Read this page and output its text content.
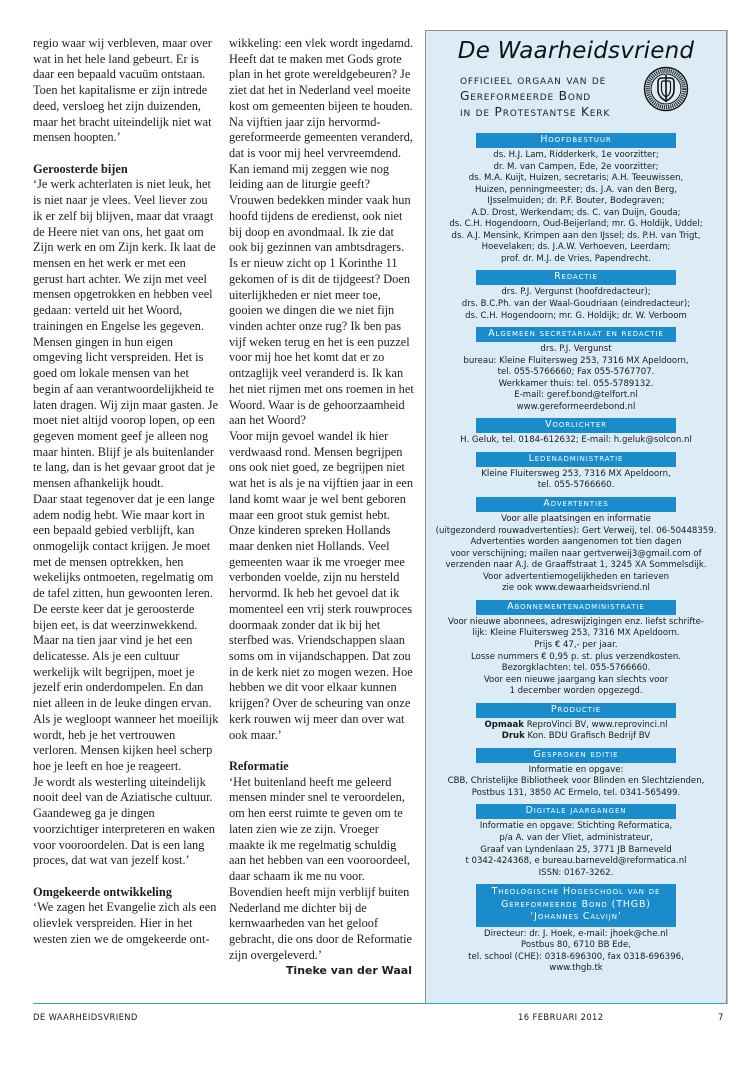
regio waar wij verbleven, maar over wat in het hele land gebeurt. Er is daar een bepaald vacuüm ontstaan. Toen het kapitalisme er zijn intrede deed, versloeg het zijn duizenden, maar het bracht uiteindelijk niet wat mensen hoopten.’

Geroosterde bijen

‘Je werk achterlaten is niet leuk, het is niet naar je vlees. Veel liever zou ik er zelf bij blijven, maar dat vraagt de Heere niet van ons, het gaat om Zijn werk en om Zijn kerk. Ik laat de mensen en het werk er met een gerust hart achter. We zijn met veel mensen opgetrokken en hebben veel gedaan: verteld uit het Woord, trainingen en Engelse les gegeven. Mensen gingen in hun eigen omgeving licht verspreiden. Het is goed om lokale mensen van het begin af aan verantwoordelijkheid te laten dragen. Wij zijn maar gasten. Je moet niet altijd voorop lopen, op een gegeven moment geef je alleen nog maar hinten. Blijf je als buitenlander te lang, dan is het gevaar groot dat je mensen afhankelijk houdt.

Daar staat tegenover dat je een lange adem nodig hebt. Wie maar kort in een bepaald gebied verblijft, kan onmogelijk contact krijgen. Je moet met de mensen optrekken, hen wekelijks ontmoeten, regelmatig om de tafel zitten, hun gewoonten leren. De eerste keer dat je geroosterde bijen eet, is dat weerzinwekkend. Maar na tien jaar vind je het een delicatesse. Als je een cultuur werkelijk wilt begrijpen, moet je jezelf erin onderdompelen. En dan niet alleen in de leuke dingen ervan. Als je wegloopt wanneer het moeilijk wordt, heb je het vertrouwen verloren. Mensen kijken heel scherp hoe je leeft en hoe je reageert.

Je wordt als westerling uiteindelijk nooit deel van de Aziatische cultuur. Gaandeweg ga je dingen voorzichtiger interpreteren en waken voor vooroordelen. Dat is een lang proces, dat wat van jezelf kost.’

Omgekeerde ontwikkeling

‘We zagen het Evangelie zich als een olievlek verspreiden. Hier in het westen zien we de omgekeerde ont-

wikkeling: een vlek wordt ingedamd. Heeft dat te maken met Gods grote plan in het grote wereldgebeuren? Je ziet dat het in Nederland veel moeite kost om gemeenten bijeen te houden. Na vijftien jaar zijn hervormd-gereformeerde gemeenten veranderd, dat is voor mij heel vervreemdend. Kan iemand mij zeggen wie nog leiding aan de liturgie geeft? Vrouwen bedekken minder vaak hun hoofd tijdens de eredienst, ook niet bij doop en avondmaal. Ik zie dat ook bij gezinnen van ambtsdragers. Is er nieuw zicht op 1 Korinthe 11 gekomen of is dit de tijdgeest? Doen uiterlijkheden er niet meer toe, gooien we dingen die we niet fijn vinden achter onze rug? Ik ben pas vijf weken terug en het is een puzzel voor mij hoe het komt dat er zo ontzaglijk veel veranderd is. Ik kan het niet rijmen met ons roemen in het Woord. Waar is de gehoorzaamheid aan het Woord?

Voor mijn gevoel wandel ik hier verdwaasd rond. Mensen begrijpen ons ook niet goed, ze begrijpen niet wat het is als je na vijftien jaar in een land komt waar je wel bent geboren maar een groot stuk gemist hebt. Onze kinderen spreken Hollands maar denken niet Hollands. Veel gemeenten waar ik me vroeger mee verbonden voelde, zijn nu hersteld hervormd. Ik heb het gevoel dat ik momenteel een vrij sterk rouwproces doormaak zonder dat ik bij het sterfbed was. Vriendschappen slaan soms om in vijandschappen. Dat zou in de kerk niet zo mogen wezen. Hoe hebben we dit voor elkaar kunnen krijgen? Over de scheuring van onze kerk rouwen wij meer dan over wat ook maar.’

Reformatie

‘Het buitenland heeft me geleerd mensen minder snel te veroordelen, om hen eerst ruimte te geven om te laten zien wie ze zijn. Vroeger maakte ik me regelmatig schuldig aan het hebben van een vooroordeel, daar schaam ik me nu voor. Bovendien heeft mijn verblijf buiten Nederland me dichter bij de kernwaarheden van het geloof gebracht, die ons door de Reformatie zijn overgeleverd.’

Tineke van der Waal
De Waarheidsvriend
officieel orgaan van de
Gereformeerde Bond
in de Protestantse Kerk
Hoofdbestuur
ds. H.J. Lam, Ridderkerk, 1e voorzitter;
dr. M. van Campen, Ede, 2e voorzitter;
ds. M.A. Kuijt, Huizen, secretaris; A.H. Teeuwissen,
Huizen, penningmeester; ds. J.A. van den Berg,
IJsselmuiden; dr. P.F. Bouter, Bodegraven;
A.D. Drost, Werkendam; ds. C. van Duijn, Gouda;
ds. C.H. Hogendoorn, Oud-Beijerland; mr. G. Holdijk, Uddel;
ds. A.J. Mensink, Krimpen aan den IJssel; ds. P.H. van Trigt,
Hoevelaken; ds. J.A.W. Verhoeven, Leerdam;
prof. dr. M.J. de Vries, Papendrecht.
Redactie
drs. P.J. Vergunst (hoofdredacteur);
drs. B.C.Ph. van der Waal-Goudriaan (eindredacteur);
ds. C.H. Hogendoorn; mr. G. Holdijk; dr. W. Verboom
Algemeen secretariaat en redactie
drs. P.J. Vergunst
bureau: Kleine Fluitersweg 253, 7316 MX Apeldoorn,
tel. 055-5766660; Fax 055-5767707.
Werkkamer thuis: tel. 055-5789132.
E-mail: geref.bond@telfort.nl
www.gereformeerdebond.nl
Voorlichter
H. Geluk, tel. 0184-612632; E-mail: h.geluk@solcon.nl
Ledenadministratie
Kleine Fluitersweg 253, 7316 MX Apeldoorn,
tel. 055-5766660.
Advertenties
Voor alle plaatsingen en informatie
(uitgezonderd rouwadvertenties): Gert Verweij, tel. 06-50448359.
Advertenties worden aangenomen tot tien dagen
voor verschijning; mailen naar gertverweij3@gmail.com of
verzenden naar A.J. de Graaffstraat 1, 3245 XA Sommelsdijk.
Voor advertentiemogelijkheden en tarieven
zie ook www.dewaarheidsvriend.nl
Abonnementenadministratie
Voor nieuwe abonnees, adreswijzigingen enz. liefst schrifte-
lijk: Kleine Fluitersweg 253, 7316 MX Apeldoorn.
Prijs € 47,- per jaar.
Losse nummers € 0,95 p. st. plus verzendkosten.
Bezorgklachten: tel. 055-5766660.
Voor een nieuwe jaargang kan slechts voor
1 december worden opgezegd.
Productie
Opmaak ReproVinci BV, www.reprovinci.nl
Druk Kon. BDU Grafisch Bedrijf BV
Gesproken editie
Informatie en opgave:
CBB, Christelijke Bibliotheek voor Blinden en Slechtzienden,
Postbus 131, 3850 AC Ermelo, tel. 0341-565499.
Digitale jaargangen
Informatie en opgave: Stichting Reformatica,
p/a A. van der Vliet, administrateur,
Graaf van Lyndenlaan 25, 3771 JB Barneveld
t 0342-424368, e bureau.barneveld@reformatica.nl
ISSN: 0167-3262.
Theologische Hogeschool van de
Gereformeerde Bond (THGB)
‘Johannes Calvijn’
Directeur: dr. J. Hoek, e-mail: jhoek@che.nl
Postbus 80, 6710 BB Ede,
tel. school (CHE): 0318-696300, fax 0318-696396,
www.thgb.tk
DE WAARHEIDSVRIEND	16 FEBRUARI 2012	7
